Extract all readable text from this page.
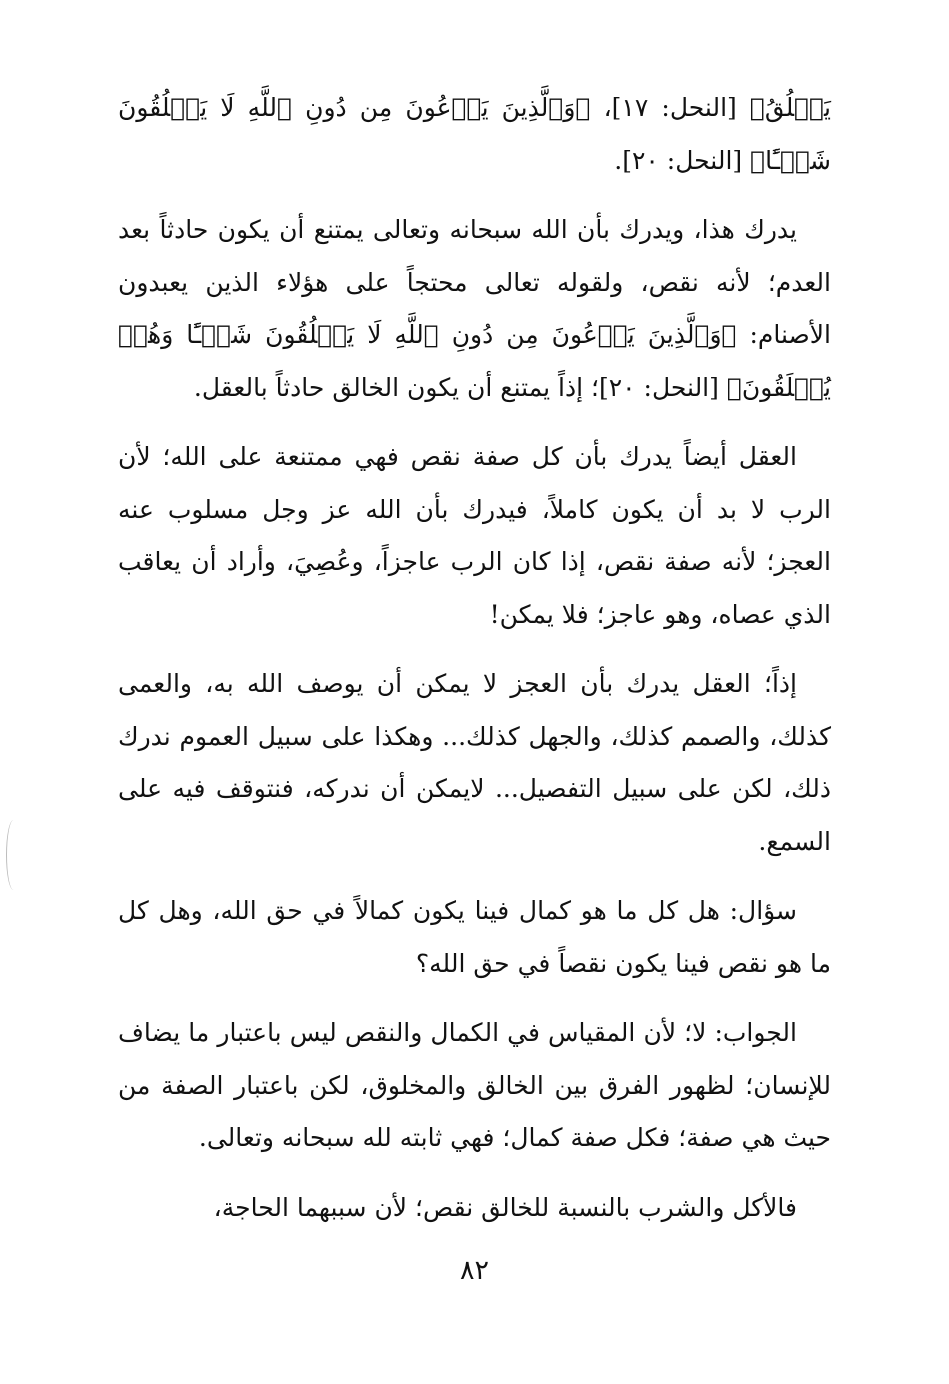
يَخۡلُقُ﴾ [النحل: ١٧]، ﴿وَٱلَّذِينَ يَدۡعُونَ مِن دُونِ ٱللَّهِ لَا يَخۡلُقُونَ شَيۡـًٔا﴾ [النحل: ٢٠].

يدرك هذا، ويدرك بأن الله سبحانه وتعالى يمتنع أن يكون حادثاً بعد العدم؛ لأنه نقص، ولقوله تعالى محتجاً على هؤلاء الذين يعبدون الأصنام: ﴿وَٱلَّذِينَ يَدۡعُونَ مِن دُونِ ٱللَّهِ لَا يَخۡلُقُونَ شَيۡـًٔا وَهُمۡ يُخۡلَقُونَ﴾ [النحل: ٢٠]؛ إذاً يمتنع أن يكون الخالق حادثاً بالعقل.

العقل أيضاً يدرك بأن كل صفة نقص فهي ممتنعة على الله؛ لأن الرب لا بد أن يكون كاملاً، فيدرك بأن الله عز وجل مسلوب عنه العجز؛ لأنه صفة نقص، إذا كان الرب عاجزاً، وعُصِيَ، وأراد أن يعاقب الذي عصاه، وهو عاجز؛ فلا يمكن!

إذاً؛ العقل يدرك بأن العجز لا يمكن أن يوصف الله به، والعمى كذلك، والصمم كذلك، والجهل كذلك... وهكذا على سبيل العموم ندرك ذلك، لكن على سبيل التفصيل... لايمكن أن ندركه، فنتوقف فيه على السمع.

سؤال: هل كل ما هو كمال فينا يكون كمالاً في حق الله، وهل كل ما هو نقص فينا يكون نقصاً في حق الله؟

الجواب: لا؛ لأن المقياس في الكمال والنقص ليس باعتبار ما يضاف للإنسان؛ لظهور الفرق بين الخالق والمخلوق، لكن باعتبار الصفة من حيث هي صفة؛ فكل صفة كمال؛ فهي ثابته لله سبحانه وتعالى.

فالأكل والشرب بالنسبة للخالق نقص؛ لأن سببهما الحاجة،

٨٢
